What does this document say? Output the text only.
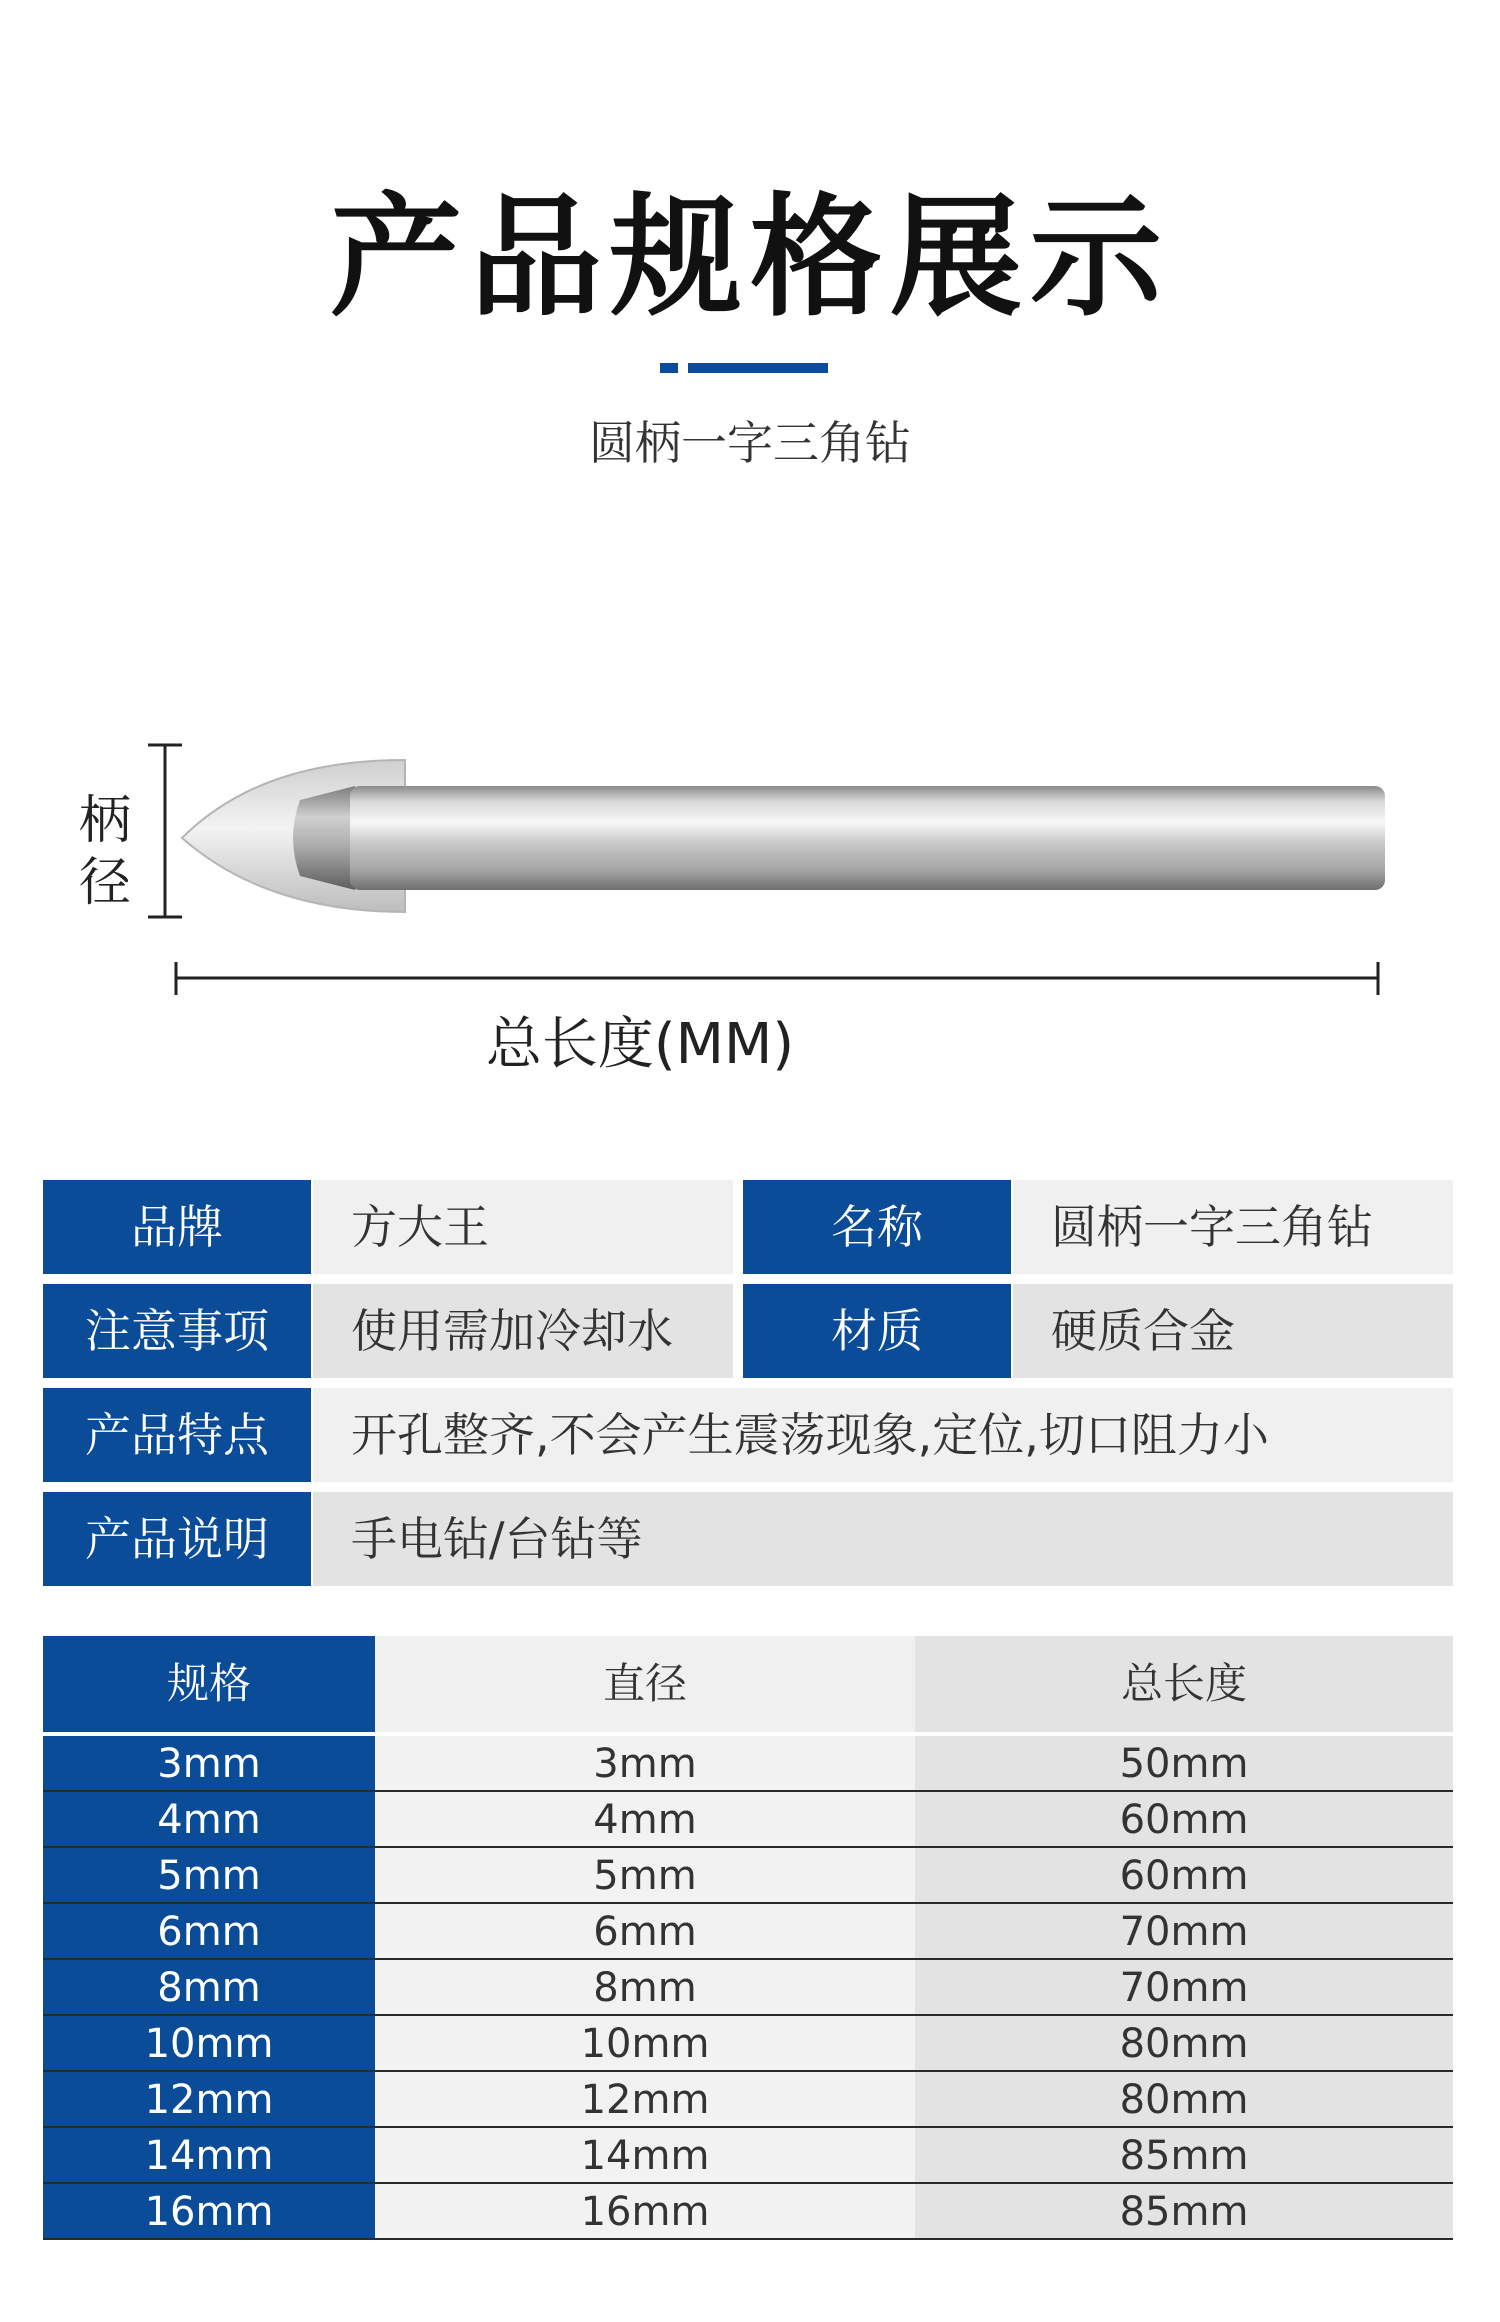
产品规格展示
圆柄一字三角钻
柄
径
总长度(MM)
品牌	方大王	名称	圆柄一字三角钻
注意事项	使用需加冷却水	材质	硬质合金
产品特点	开孔整齐,不会产生震荡现象,定位,切口阻力小
产品说明	手电钻/台钻等
规格	直径	总长度
3mm	3mm	50mm
4mm	4mm	60mm
5mm	5mm	60mm
6mm	6mm	70mm
8mm	8mm	70mm
10mm	10mm	80mm
12mm	12mm	80mm
14mm	14mm	85mm
16mm	16mm	85mm
